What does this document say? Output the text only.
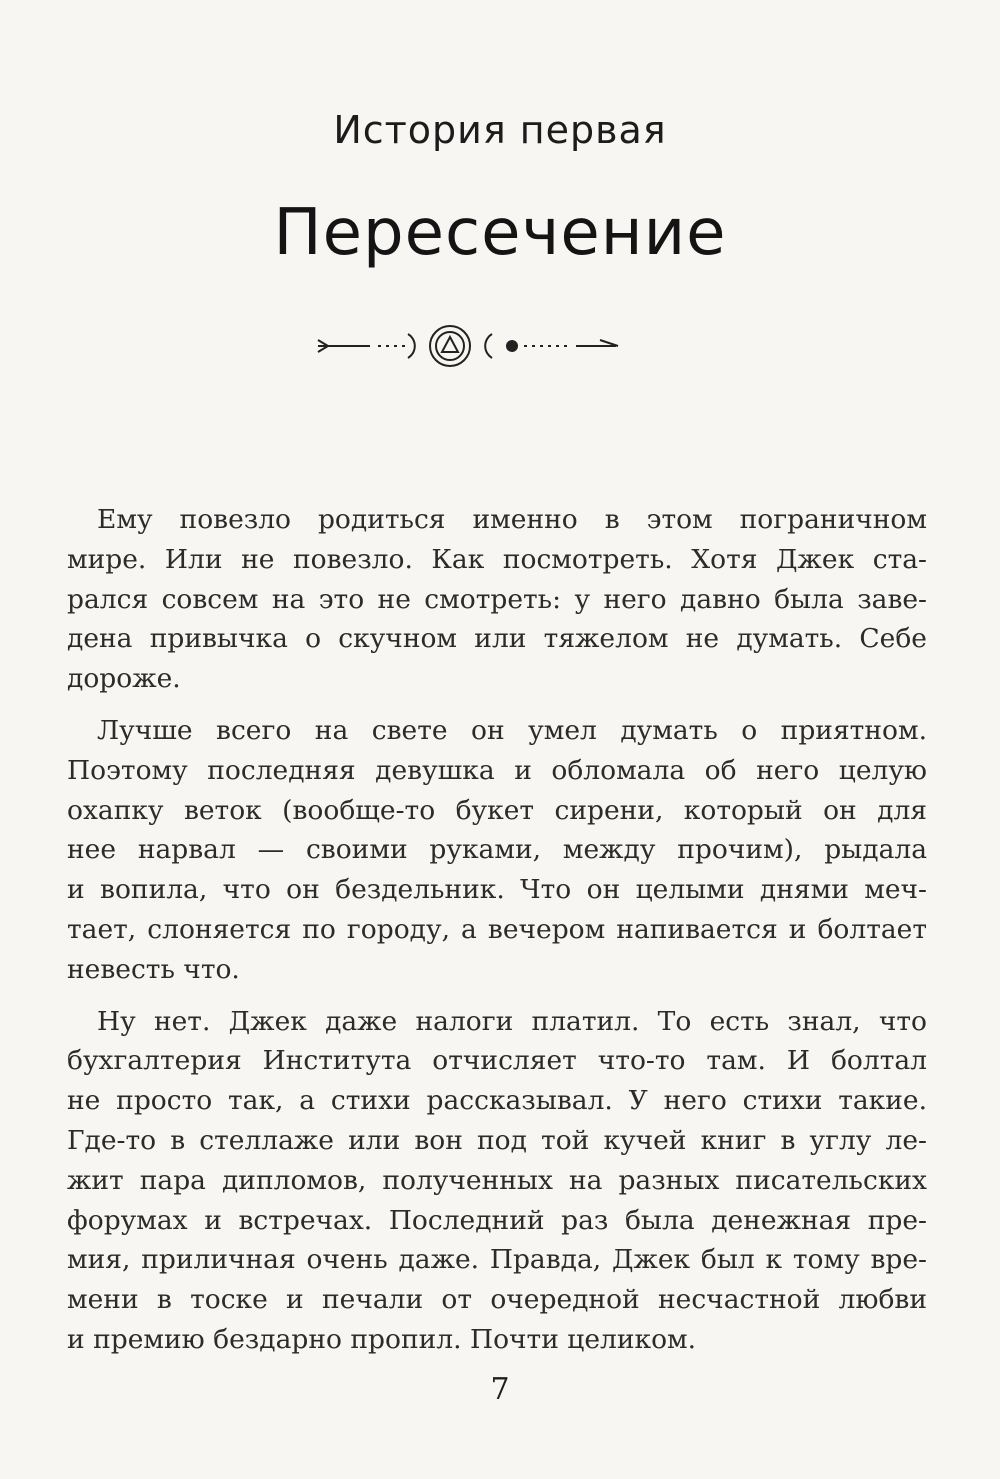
История первая
Пересечение
Ему повезло родиться именно в этом пограничном
мире. Или не повезло. Как посмотреть. Хотя Джек ста-
рался совсем на это не смотреть: у него давно была заве-
дена привычка о скучном или тяжелом не думать. Себе
дороже.
Лучше всего на свете он умел думать о приятном.
Поэтому последняя девушка и обломала об него целую
охапку веток (вообще-то букет сирени, который он для
нее нарвал — своими руками, между прочим), рыдала
и вопила, что он бездельник. Что он целыми днями меч-
тает, слоняется по городу, а вечером напивается и болтает
невесть что.
Ну нет. Джек даже налоги платил. То есть знал, что
бухгалтерия Института отчисляет что-то там. И болтал
не просто так, а стихи рассказывал. У него стихи такие.
Где-то в стеллаже или вон под той кучей книг в углу ле-
жит пара дипломов, полученных на разных писательских
форумах и встречах. Последний раз была денежная пре-
мия, приличная очень даже. Правда, Джек был к тому вре-
мени в тоске и печали от очередной несчастной любви
и премию бездарно пропил. Почти целиком.
7
